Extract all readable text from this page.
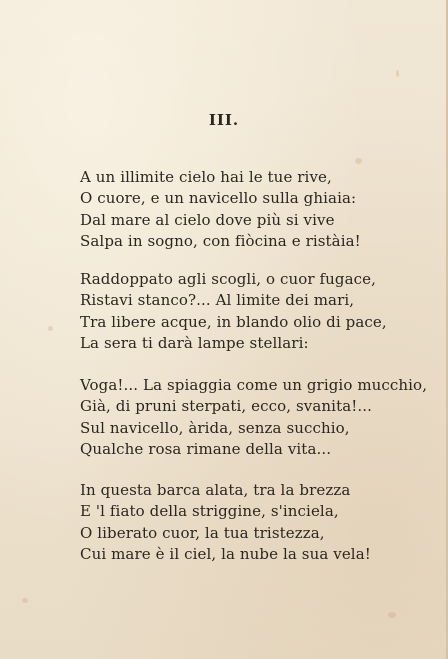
III.
A un illimite cielo hai le tue rive,
O cuore, e un navicello sulla ghiaia:
Dal mare al cielo dove più si vive
Salpa in sogno, con fiòcina e ristàia!
Raddoppato agli scogli, o cuor fugace,
Ristavi stanco?... Al limite dei mari,
Tra libere acque, in blando olio di pace,
La sera ti darà lampe stellari:
Voga!... La spiaggia come un grigio mucchio,
Già, di pruni sterpati, ecco, svanita!...
Sul navicello, àrida, senza succhio,
Qualche rosa rimane della vita...
In questa barca alata, tra la brezza
E 'l fiato della striggine, s'inciela,
O liberato cuor, la tua tristezza,
Cui mare è il ciel, la nube la sua vela!
